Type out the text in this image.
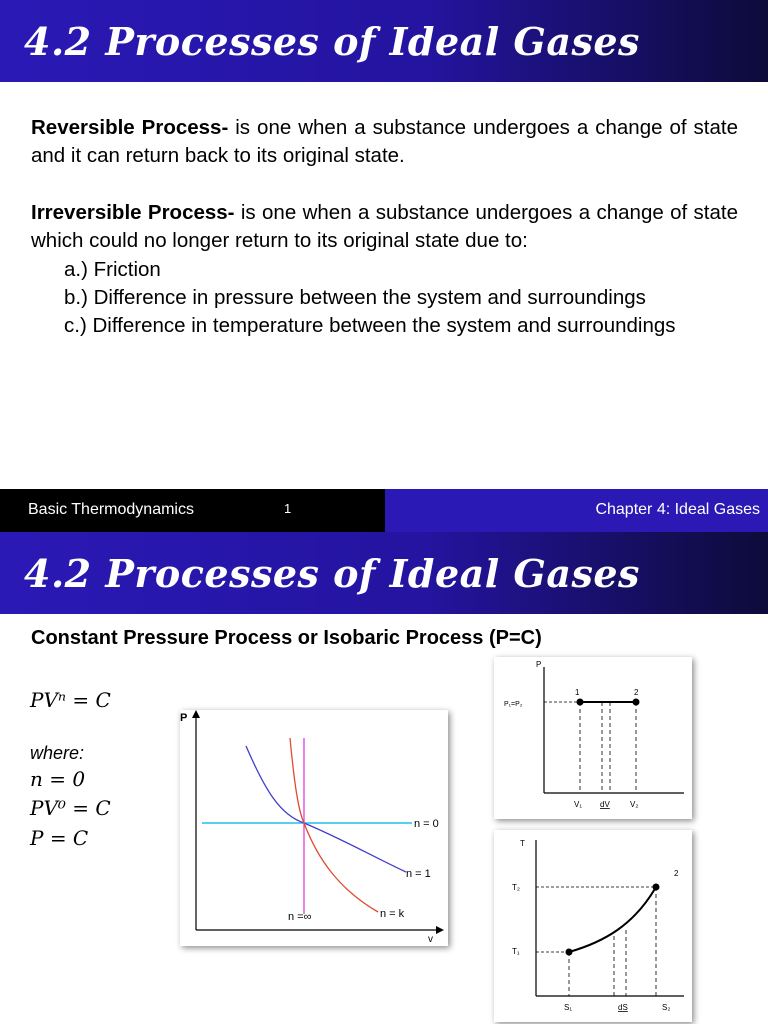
4.2 Processes of Ideal Gases

Reversible Process- is one when a substance undergoes a change of state and it can return back to its original state.

Irreversible Process- is one when a substance undergoes a change of state which could no longer return to its original state due to:

a.) Friction

b.) Difference in pressure between the system and surroundings

c.) Difference in temperature between the system and surroundings

Basic Thermodynamics	1	Chapter 4: Ideal Gases
4.2 Processes of Ideal Gases
Constant Pressure Process or Isobaric Process (P=C)
PVⁿ = C
where:
n = 0
PV⁰ = C
P = C
P
v
n = 0
n = 1
n = k
n =∞
P
P₁=P₂
1	2
V₁ dV	V₂
T
T₂
T₁
2
S₁	dS	S₂
